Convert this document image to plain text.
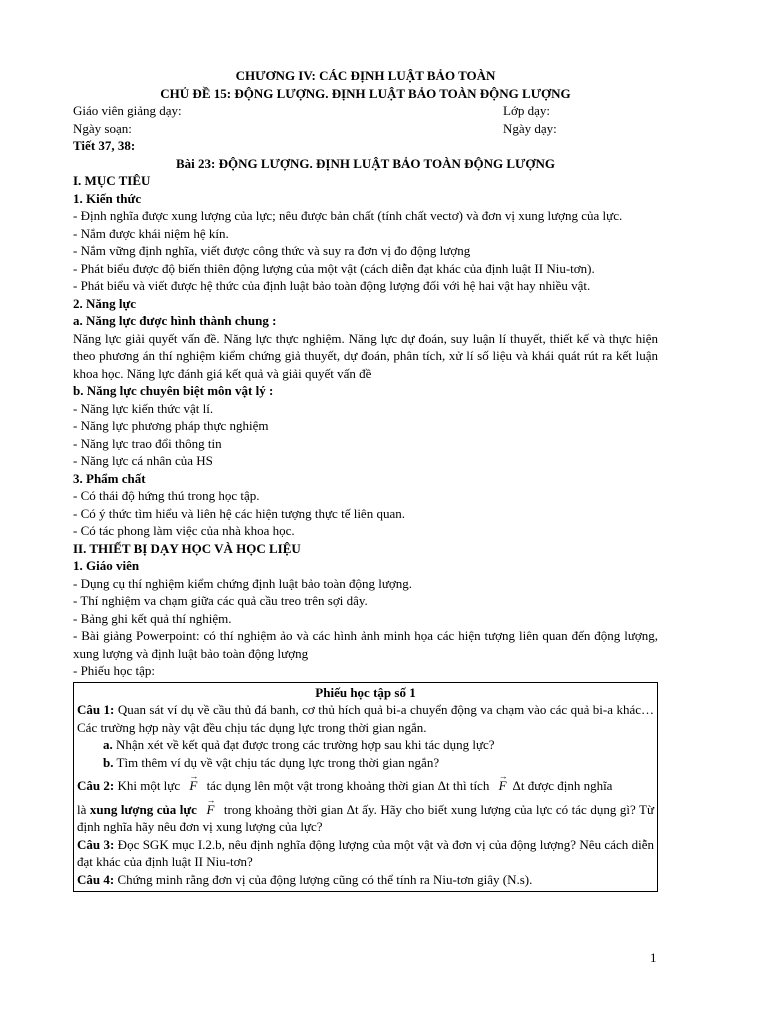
CHƯƠNG IV: CÁC ĐỊNH LUẬT BẢO TOÀN
CHỦ ĐỀ 15: ĐỘNG LƯỢNG. ĐỊNH LUẬT BẢO TOÀN ĐỘNG LƯỢNG
Giáo viên giảng dạy:	Lớp dạy:
Ngày soạn:	Ngày dạy:
Tiết 37, 38:
Bài 23: ĐỘNG LƯỢNG. ĐỊNH LUẬT BẢO TOÀN ĐỘNG LƯỢNG
I. MỤC TIÊU
1. Kiến thức
- Định nghĩa được xung lượng của lực; nêu được bản chất (tính chất vectơ) và đơn vị xung lượng của lực.
- Nắm được khái niệm hệ kín.
- Nắm vững định nghĩa, viết được công thức và suy ra đơn vị đo động lượng
- Phát biểu được độ biến thiên động lượng của một vật (cách diễn đạt khác của định luật II Niu-tơn).
- Phát biểu và viết được hệ thức của định luật bảo toàn động lượng đối với hệ hai vật hay nhiều vật.
2. Năng lực
a. Năng lực được hình thành chung :
Năng lực giải quyết vấn đề. Năng lực thực nghiệm. Năng lực dự đoán, suy luận lí thuyết, thiết kế và thực hiện theo phương án thí nghiệm kiểm chứng giả thuyết, dự đoán, phân tích, xử lí số liệu và khái quát rút ra kết luận khoa học. Năng lực đánh giá kết quả và giải quyết vấn đề
b. Năng lực chuyên biệt môn vật lý :
- Năng lực kiến thức vật lí.
- Năng lực phương pháp thực nghiệm
- Năng lực trao đổi thông tin
- Năng lực cá nhân của HS
3. Phẩm chất
- Có thái độ hứng thú trong học tập.
- Có ý thức tìm hiểu và liên hệ các hiện tượng thực tế liên quan.
- Có tác phong làm việc của nhà khoa học.
II. THIẾT BỊ DẠY HỌC VÀ HỌC LIỆU
1. Giáo viên
- Dụng cụ thí nghiệm kiểm chứng định luật bảo toàn động lượng.
- Thí nghiệm va chạm giữa các quả cầu treo trên sợi dây.
- Bảng ghi kết quả thí nghiệm.
- Bài giảng Powerpoint: có thí nghiệm ảo và các hình ảnh minh họa các hiện tượng liên quan đến động lượng, xung lượng và định luật bảo toàn động lượng
- Phiếu học tập:
Phiếu học tập số 1
Câu 1: Quan sát ví dụ về cầu thủ đá banh, cơ thủ hích quả bi-a chuyển động va chạm vào các quả bi-a khác…Các trường hợp này vật đều chịu tác dụng lực trong thời gian ngắn.
a. Nhận xét về kết quả đạt được trong các trường hợp sau khi tác dụng lực?
b. Tìm thêm ví dụ về vật chịu tác dụng lực trong thời gian ngắn?
Câu 2: Khi một lực → F tác dụng lên một vật trong khoảng thời gian Δt thì tích → F Δt được định nghĩa
là xung lượng của lực → F trong khoảng thời gian Δt ấy. Hãy cho biết xung lượng của lực có tác dụng gì? Từ định nghĩa hãy nêu đơn vị xung lượng của lực?
Câu 3: Đọc SGK mục I.2.b, nêu định nghĩa động lượng của một vật và đơn vị của động lượng? Nêu cách diễn đạt khác của định luật II Niu-tơn?
Câu 4: Chứng minh rằng đơn vị của động lượng cũng có thể tính ra Niu-tơn giây (N.s).
1
